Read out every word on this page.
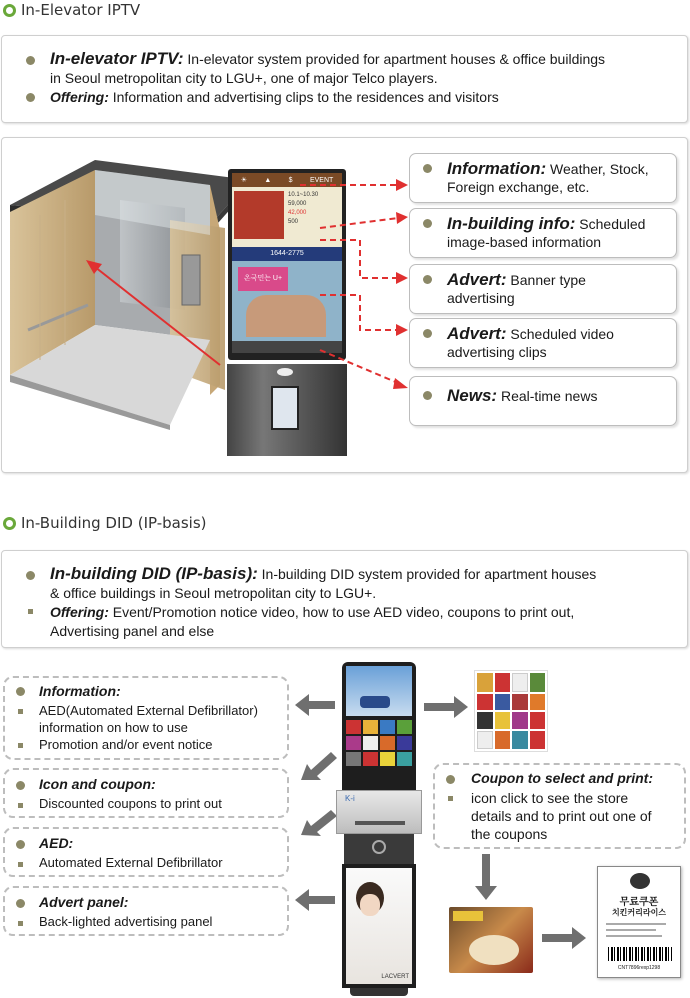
In-Elevator IPTV
In-elevator IPTV: In-elevator system provided for apartment houses & office buildings
in Seoul metropolitan city to LGU+, one of major Telco players.
Offering: Information and advertising clips to the residences and visitors
☀ ▲ $ EVENT
10.1~10.30
59,000
42,000
500
1644-2775
온국민는 U+
Information: Weather, Stock,
Foreign exchange, etc.
In-building info: Scheduled
image-based information
Advert: Banner type
advertising
Advert: Scheduled video
advertising clips
News: Real-time news
In-Building DID (IP-basis)
In-building DID (IP-basis): In-building DID system provided for apartment houses
& office buildings in Seoul metropolitan city to LGU+.
Offering: Event/Promotion notice video, how to use AED video, coupons to print out,
Advertising panel and else
Information:
AED(Automated External Defibrillator)
information on how to use
Promotion and/or event notice
Icon and coupon:
Discounted coupons to print out
AED:
Automated External Defibrillator
Advert panel:
Back-lighted advertising panel
K-i
LACVERT
Coupon to select and print:
icon click to see the store
details and to print out one of
the coupons
무료쿠폰
치킨커리라이스
CNT7896rexp1298
